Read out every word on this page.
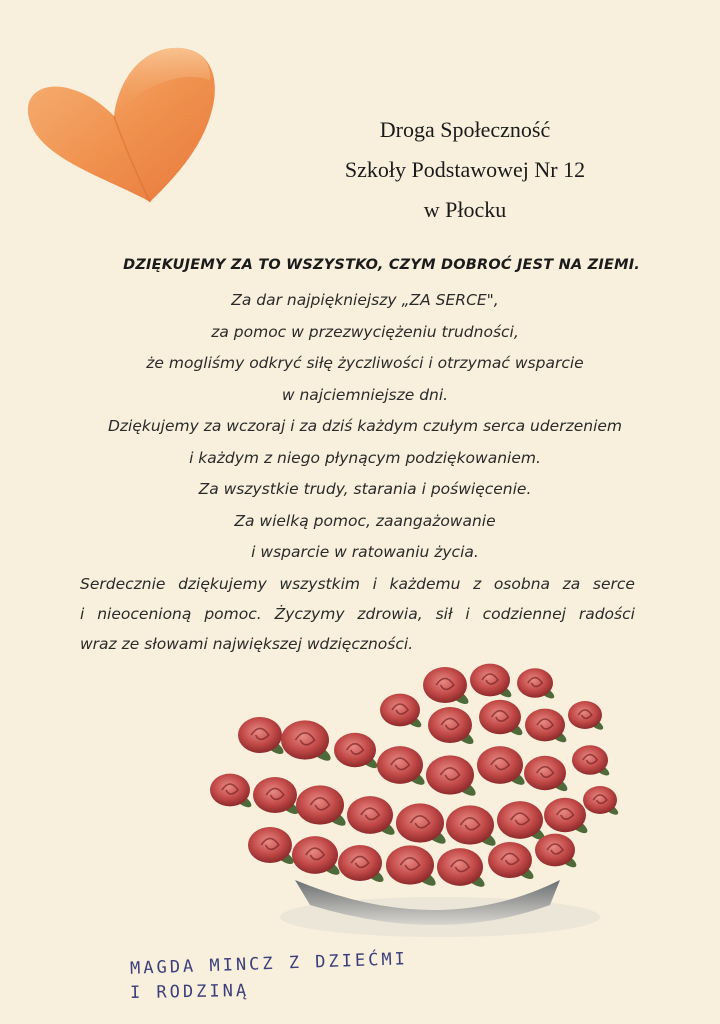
Droga Społeczność
Szkoły Podstawowej Nr 12
w Płocku
DZIĘKUJEMY ZA TO WSZYSTKO, CZYM DOBROĆ JEST NA ZIEMI.
Za dar najpiękniejszy „ZA SERCE",
za pomoc w przezwyciężeniu trudności,
że mogliśmy odkryć siłę życzliwości i otrzymać wsparcie
w najciemniejsze dni.
Dziękujemy za wczoraj i za dziś każdym czułym serca uderzeniem
i każdym z niego płynącym podziękowaniem.
Za wszystkie trudy, starania i poświęcenie.
Za wielką pomoc, zaangażowanie
i wsparcie w ratowaniu życia.
Serdecznie dziękujemy wszystkim i każdemu z osobna za serce
i nieocenioną pomoc. Życzymy zdrowia, sił i codziennej radości
wraz ze słowami największej wdzięczności.
MAGDA MINCZ Z DZIEĆMI
I RODZINĄ
